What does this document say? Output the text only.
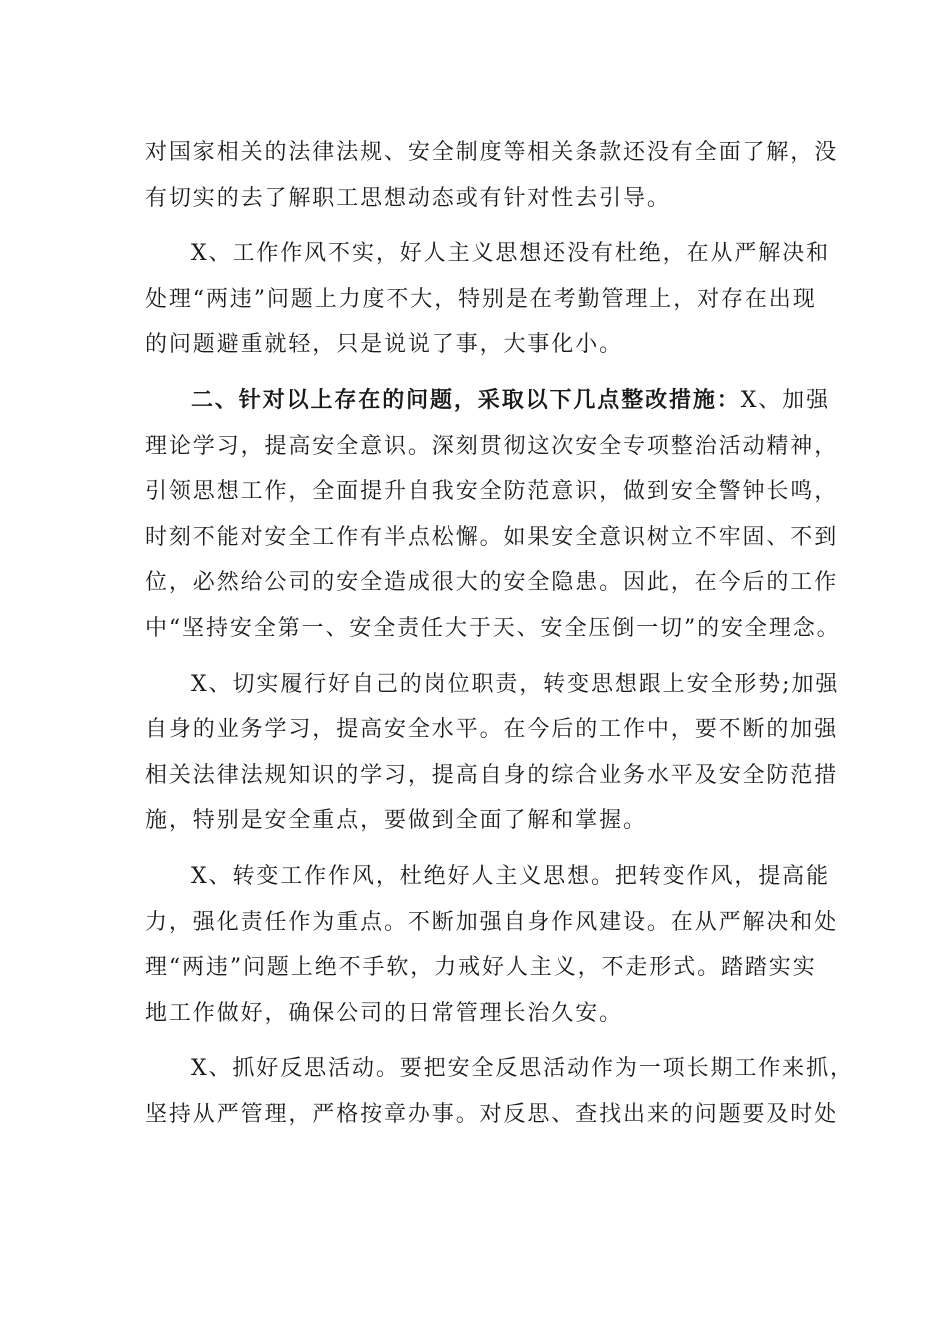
对国家相关的法律法规、安全制度等相关条款还没有全面了解，没
有切实的去了解职工思想动态或有针对性去引导。
X、工作作风不实，好人主义思想还没有杜绝，在从严解决和
处理“两违”问题上力度不大，特别是在考勤管理上，对存在出现
的问题避重就轻，只是说说了事，大事化小。
二、针对以上存在的问题，采取以下几点整改措施：X、加强
理论学习，提高安全意识。深刻贯彻这次安全专项整治活动精神，
引领思想工作，全面提升自我安全防范意识，做到安全警钟长鸣，
时刻不能对安全工作有半点松懈。如果安全意识树立不牢固、不到
位，必然给公司的安全造成很大的安全隐患。因此，在今后的工作
中“坚持安全第一、安全责任大于天、安全压倒一切”的安全理念。
X、切实履行好自己的岗位职责，转变思想跟上安全形势;加强
自身的业务学习，提高安全水平。在今后的工作中，要不断的加强
相关法律法规知识的学习，提高自身的综合业务水平及安全防范措
施，特别是安全重点，要做到全面了解和掌握。
X、转变工作作风，杜绝好人主义思想。把转变作风，提高能
力，强化责任作为重点。不断加强自身作风建设。在从严解决和处
理“两违”问题上绝不手软，力戒好人主义，不走形式。踏踏实实
地工作做好，确保公司的日常管理长治久安。
X、抓好反思活动。要把安全反思活动作为一项长期工作来抓，
坚持从严管理，严格按章办事。对反思、查找出来的问题要及时处
